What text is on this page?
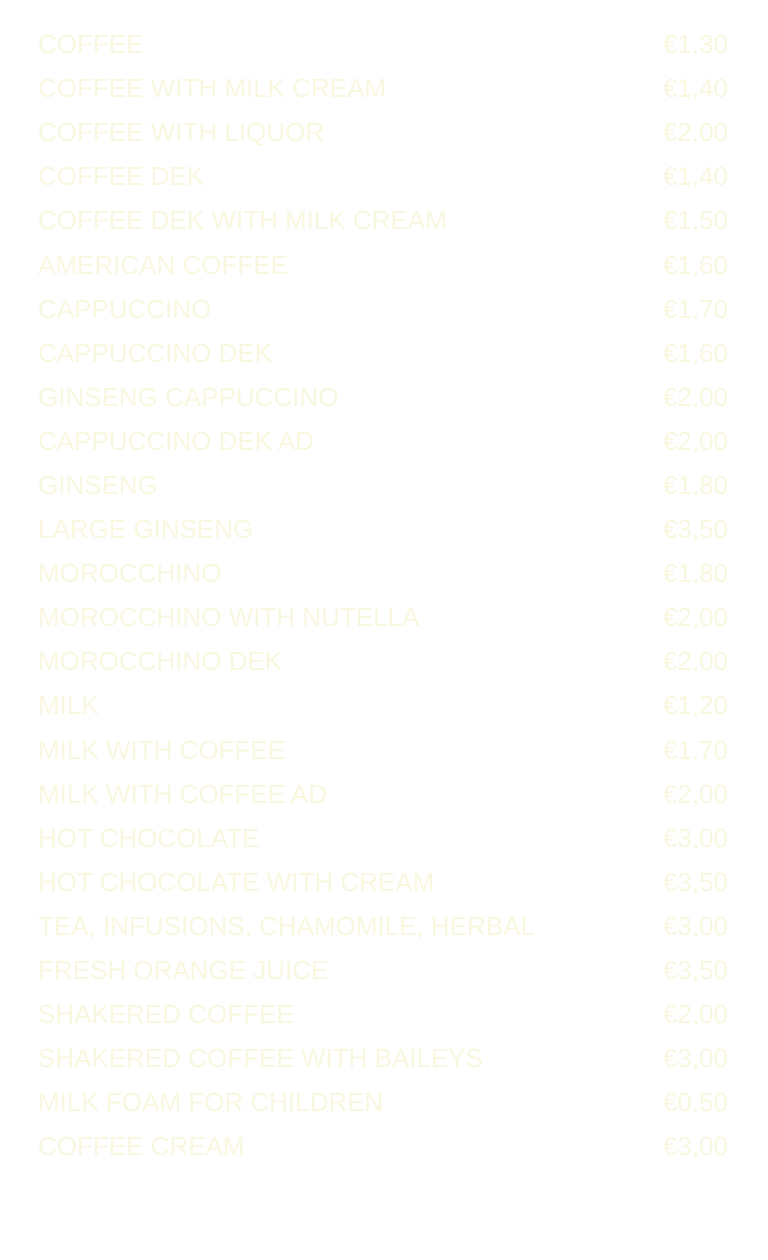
COFFEE	€1,30
COFFEE WITH MILK CREAM	€1,40
COFFEE WITH LIQUOR	€2,00
COFFEE DEK	€1,40
COFFEE DEK WITH MILK CREAM	€1,50
AMERICAN COFFEE	€1,60
CAPPUCCINO	€1,70
CAPPUCCINO DEK	€1,60
GINSENG CAPPUCCINO	€2,00
CAPPUCCINO DEK AD	€2,00
GINSENG	€1,80
LARGE GINSENG	€3,50
MOROCCHINO	€1,80
MOROCCHINO WITH NUTELLA	€2,00
MOROCCHINO DEK	€2,00
MILK	€1,20
MILK WITH COFFEE	€1,70
MILK WITH COFFEE AD	€2,00
HOT CHOCOLATE	€3,00
HOT CHOCOLATE WITH CREAM	€3,50
TEA, INFUSIONS, CHAMOMILE, HERBAL	€3,00
FRESH ORANGE JUICE	€3,50
SHAKERED COFFEE	€2,00
SHAKERED COFFEE WITH BAILEYS	€3,00
MILK FOAM FOR CHILDREN	€0,50
COFFEE CREAM	€3,00
